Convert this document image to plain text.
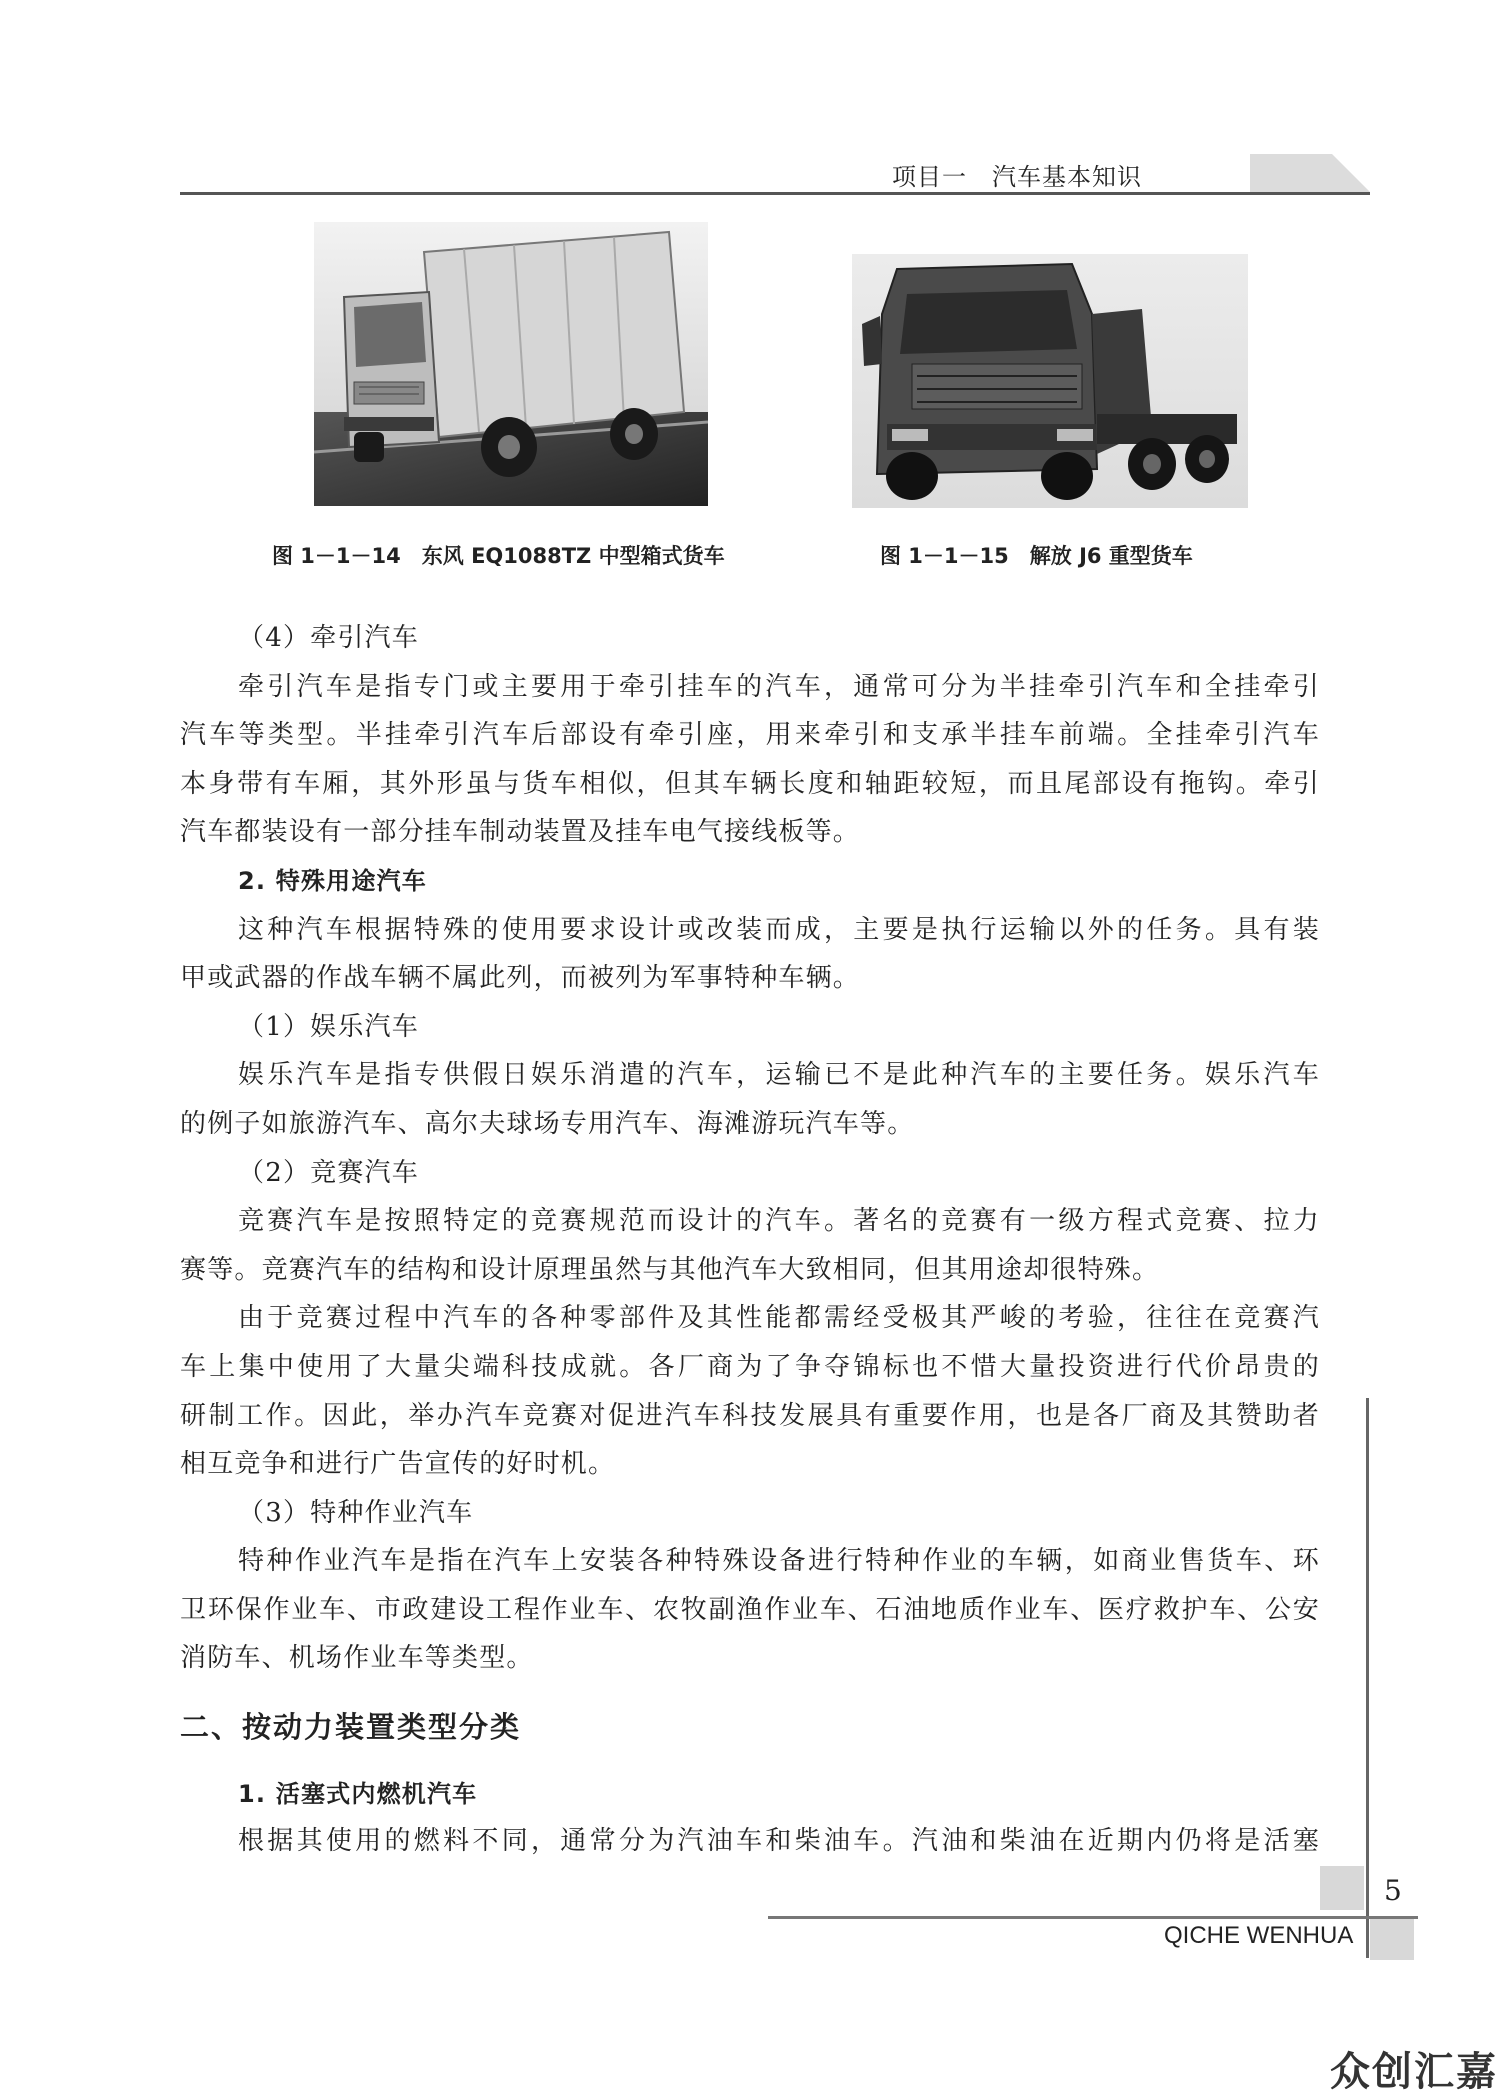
项目一　汽车基本知识
图 1－1－14　东风 EQ1088TZ 中型箱式货车	图 1－1－15　解放 J6 重型货车
（4）牵引汽车
牵引汽车是指专门或主要用于牵引挂车的汽车，通常可分为半挂牵引汽车和全挂牵引
汽车等类型。半挂牵引汽车后部设有牵引座，用来牵引和支承半挂车前端。全挂牵引汽车
本身带有车厢，其外形虽与货车相似，但其车辆长度和轴距较短，而且尾部设有拖钩。牵引
汽车都装设有一部分挂车制动装置及挂车电气接线板等。
2. 特殊用途汽车
这种汽车根据特殊的使用要求设计或改装而成，主要是执行运输以外的任务。具有装
甲或武器的作战车辆不属此列，而被列为军事特种车辆。
（1）娱乐汽车
娱乐汽车是指专供假日娱乐消遣的汽车，运输已不是此种汽车的主要任务。娱乐汽车
的例子如旅游汽车、高尔夫球场专用汽车、海滩游玩汽车等。
（2）竞赛汽车
竞赛汽车是按照特定的竞赛规范而设计的汽车。著名的竞赛有一级方程式竞赛、拉力
赛等。竞赛汽车的结构和设计原理虽然与其他汽车大致相同，但其用途却很特殊。
由于竞赛过程中汽车的各种零部件及其性能都需经受极其严峻的考验，往往在竞赛汽
车上集中使用了大量尖端科技成就。各厂商为了争夺锦标也不惜大量投资进行代价昂贵的
研制工作。因此，举办汽车竞赛对促进汽车科技发展具有重要作用，也是各厂商及其赞助者
相互竞争和进行广告宣传的好时机。
（3）特种作业汽车
特种作业汽车是指在汽车上安装各种特殊设备进行特种作业的车辆，如商业售货车、环
卫环保作业车、市政建设工程作业车、农牧副渔作业车、石油地质作业车、医疗救护车、公安
消防车、机场作业车等类型。
二、按动力装置类型分类
1. 活塞式内燃机汽车
根据其使用的燃料不同，通常分为汽油车和柴油车。汽油和柴油在近期内仍将是活塞
5
QICHE WENHUA
众创汇嘉
